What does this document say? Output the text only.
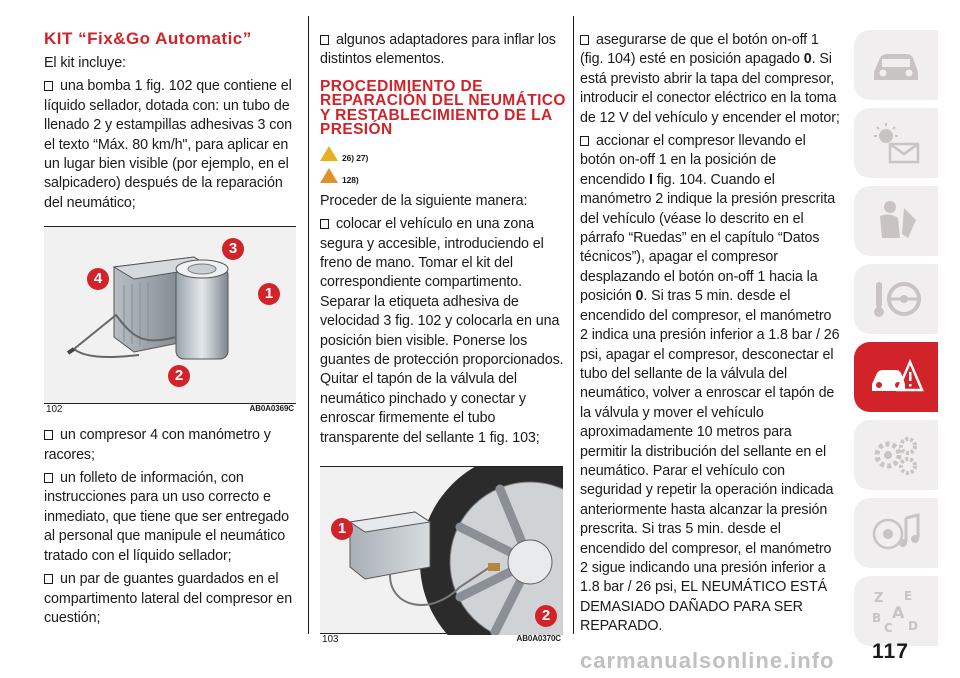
KIT “Fix&Go Automatic”

El kit incluye:

una bomba 1 fig. 102 que contiene el líquido sellador, dotada con: un tubo de llenado 2 y estampillas adhesivas 3 con el texto “Máx. 80 km/h", para aplicar en un lugar bien visible (por ejemplo, en el salpicadero) después de la reparación del neumático;

3
4
1
2
102	AB0A0369C

un compresor 4 con manómetro y racores;

un folleto de información, con instrucciones para un uso correcto e inmediato, que tiene que ser entregado al personal que manipule el neumático tratado con el líquido sellador;

un par de guantes guardados en el compartimento lateral del compresor en cuestión;

algunos adaptadores para inflar los distintos elementos.

PROCEDIMIENTO DE REPARACIÓN DEL NEUMÁTICO Y RESTABLECIMIENTO DE LA PRESIÓN
26) 27)
128)

Proceder de la siguiente manera:

colocar el vehículo en una zona segura y accesible, introduciendo el freno de mano. Tomar el kit del correspondiente compartimento. Separar la etiqueta adhesiva de velocidad 3 fig. 102 y colocarla en una posición bien visible. Ponerse los guantes de protección proporcionados. Quitar el tapón de la válvula del neumático pinchado y conectar y enroscar firmemente el tubo transparente del sellante 1 fig. 103;

1
2
103	AB0A0370C

asegurarse de que el botón on-off 1 (fig. 104) esté en posición apagado 0. Si está previsto abrir la tapa del compresor, introducir el conector eléctrico en la toma de 12 V del vehículo y encender el motor;

accionar el compresor llevando el botón on-off 1 en la posición de encendido I fig. 104. Cuando el manómetro 2 indique la presión prescrita del vehículo (véase lo descrito en el párrafo “Ruedas” en el capítulo “Datos técnicos”), apagar el compresor desplazando el botón on-off 1 hacia la posición 0. Si tras 5 min. desde el encendido del compresor, el manómetro 2 indica una presión inferior a 1.8 bar / 26 psi, apagar el compresor, desconectar el tubo del sellante de la válvula del neumático, volver a enroscar el tapón de la válvula y mover el vehículo aproximadamente 10 metros para permitir la distribución del sellante en el neumático. Parar el vehículo con seguridad y repetir la operación indicada anteriormente hasta alcanzar la presión prescrita. Si tras 5 min. desde el encendido del compresor, el manómetro 2 sigue indicando una presión inferior a 1.8 bar / 26 psi, EL NEUMÁTICO ESTÁ DEMASIADO DAÑADO PARA SER REPARADO.

Z E
B A
C D
carmanualsonline.info 117
